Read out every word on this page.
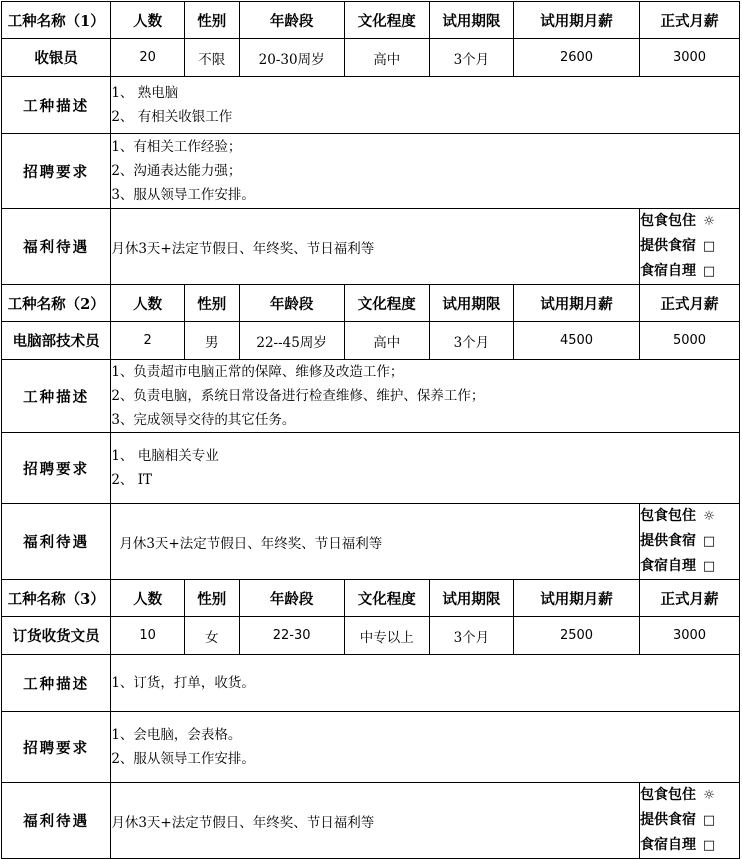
工种名称（1）	人数	性别	年龄段	文化程度	试用期限	试用期月薪	正式月薪
收银员	20	不限	20-30周岁	高中	3个月	2600	3000
工种描述	1、 熟电脑
2、 有相关收银工作						

招聘要求	1、有相关工作经验；
2、沟通表达能力强；
3、服从领导工作安排。						

福利待遇	月休3天+法定节假日、年终奖、节日福利等						包食包住 ☼
提供食宿 □
食宿自理 □

工种名称（2）	人数	性别	年龄段	文化程度	试用期限	试用期月薪	正式月薪
电脑部技术员	2	男	22--45周岁	高中	3个月	4500	5000
工种描述	1、负责超市电脑正常的保障、维修及改造工作；
2、负责电脑，系统日常设备进行检查维修、维护、保养工作；
3、完成领导交待的其它任务。						

招聘要求	1、 电脑相关专业
2、 IT						

福利待遇	月休3天+法定节假日、年终奖、节日福利等						包食包住 ☼
提供食宿 □
食宿自理 □

工种名称（3）	人数	性别	年龄段	文化程度	试用期限	试用期月薪	正式月薪
订货收货文员	10	女	22-30	中专以上	3个月	2500	3000
工种描述	1、订货，打单，收货。						

招聘要求	1、会电脑，会表格。
2、服从领导工作安排。						

福利待遇	月休3天+法定节假日、年终奖、节日福利等						包食包住 ☼
提供食宿 □
食宿自理 □
